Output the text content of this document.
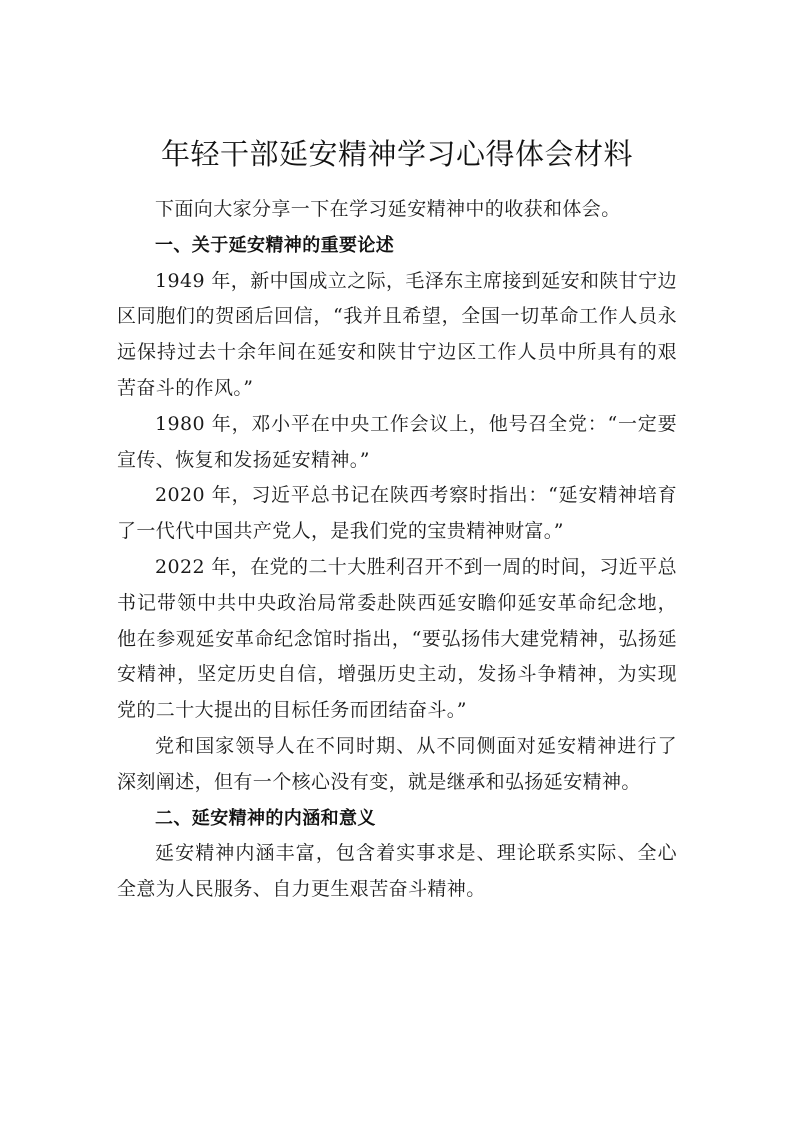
年轻干部延安精神学习心得体会材料

下面向大家分享一下在学习延安精神中的收获和体会。

一、关于延安精神的重要论述

1949 年，新中国成立之际，毛泽东主席接到延安和陕甘宁边区同胞们的贺函后回信，“我并且希望，全国一切革命工作人员永远保持过去十余年间在延安和陕甘宁边区工作人员中所具有的艰苦奋斗的作风。”

1980 年，邓小平在中央工作会议上，他号召全党：“一定要宣传、恢复和发扬延安精神。”

2020 年，习近平总书记在陕西考察时指出：“延安精神培育了一代代中国共产党人，是我们党的宝贵精神财富。”

2022 年，在党的二十大胜利召开不到一周的时间，习近平总书记带领中共中央政治局常委赴陕西延安瞻仰延安革命纪念地，他在参观延安革命纪念馆时指出，“要弘扬伟大建党精神，弘扬延安精神，坚定历史自信，增强历史主动，发扬斗争精神，为实现党的二十大提出的目标任务而团结奋斗。”

党和国家领导人在不同时期、从不同侧面对延安精神进行了深刻阐述，但有一个核心没有变，就是继承和弘扬延安精神。

二、延安精神的内涵和意义

延安精神内涵丰富，包含着实事求是、理论联系实际、全心全意为人民服务、自力更生艰苦奋斗精神。
